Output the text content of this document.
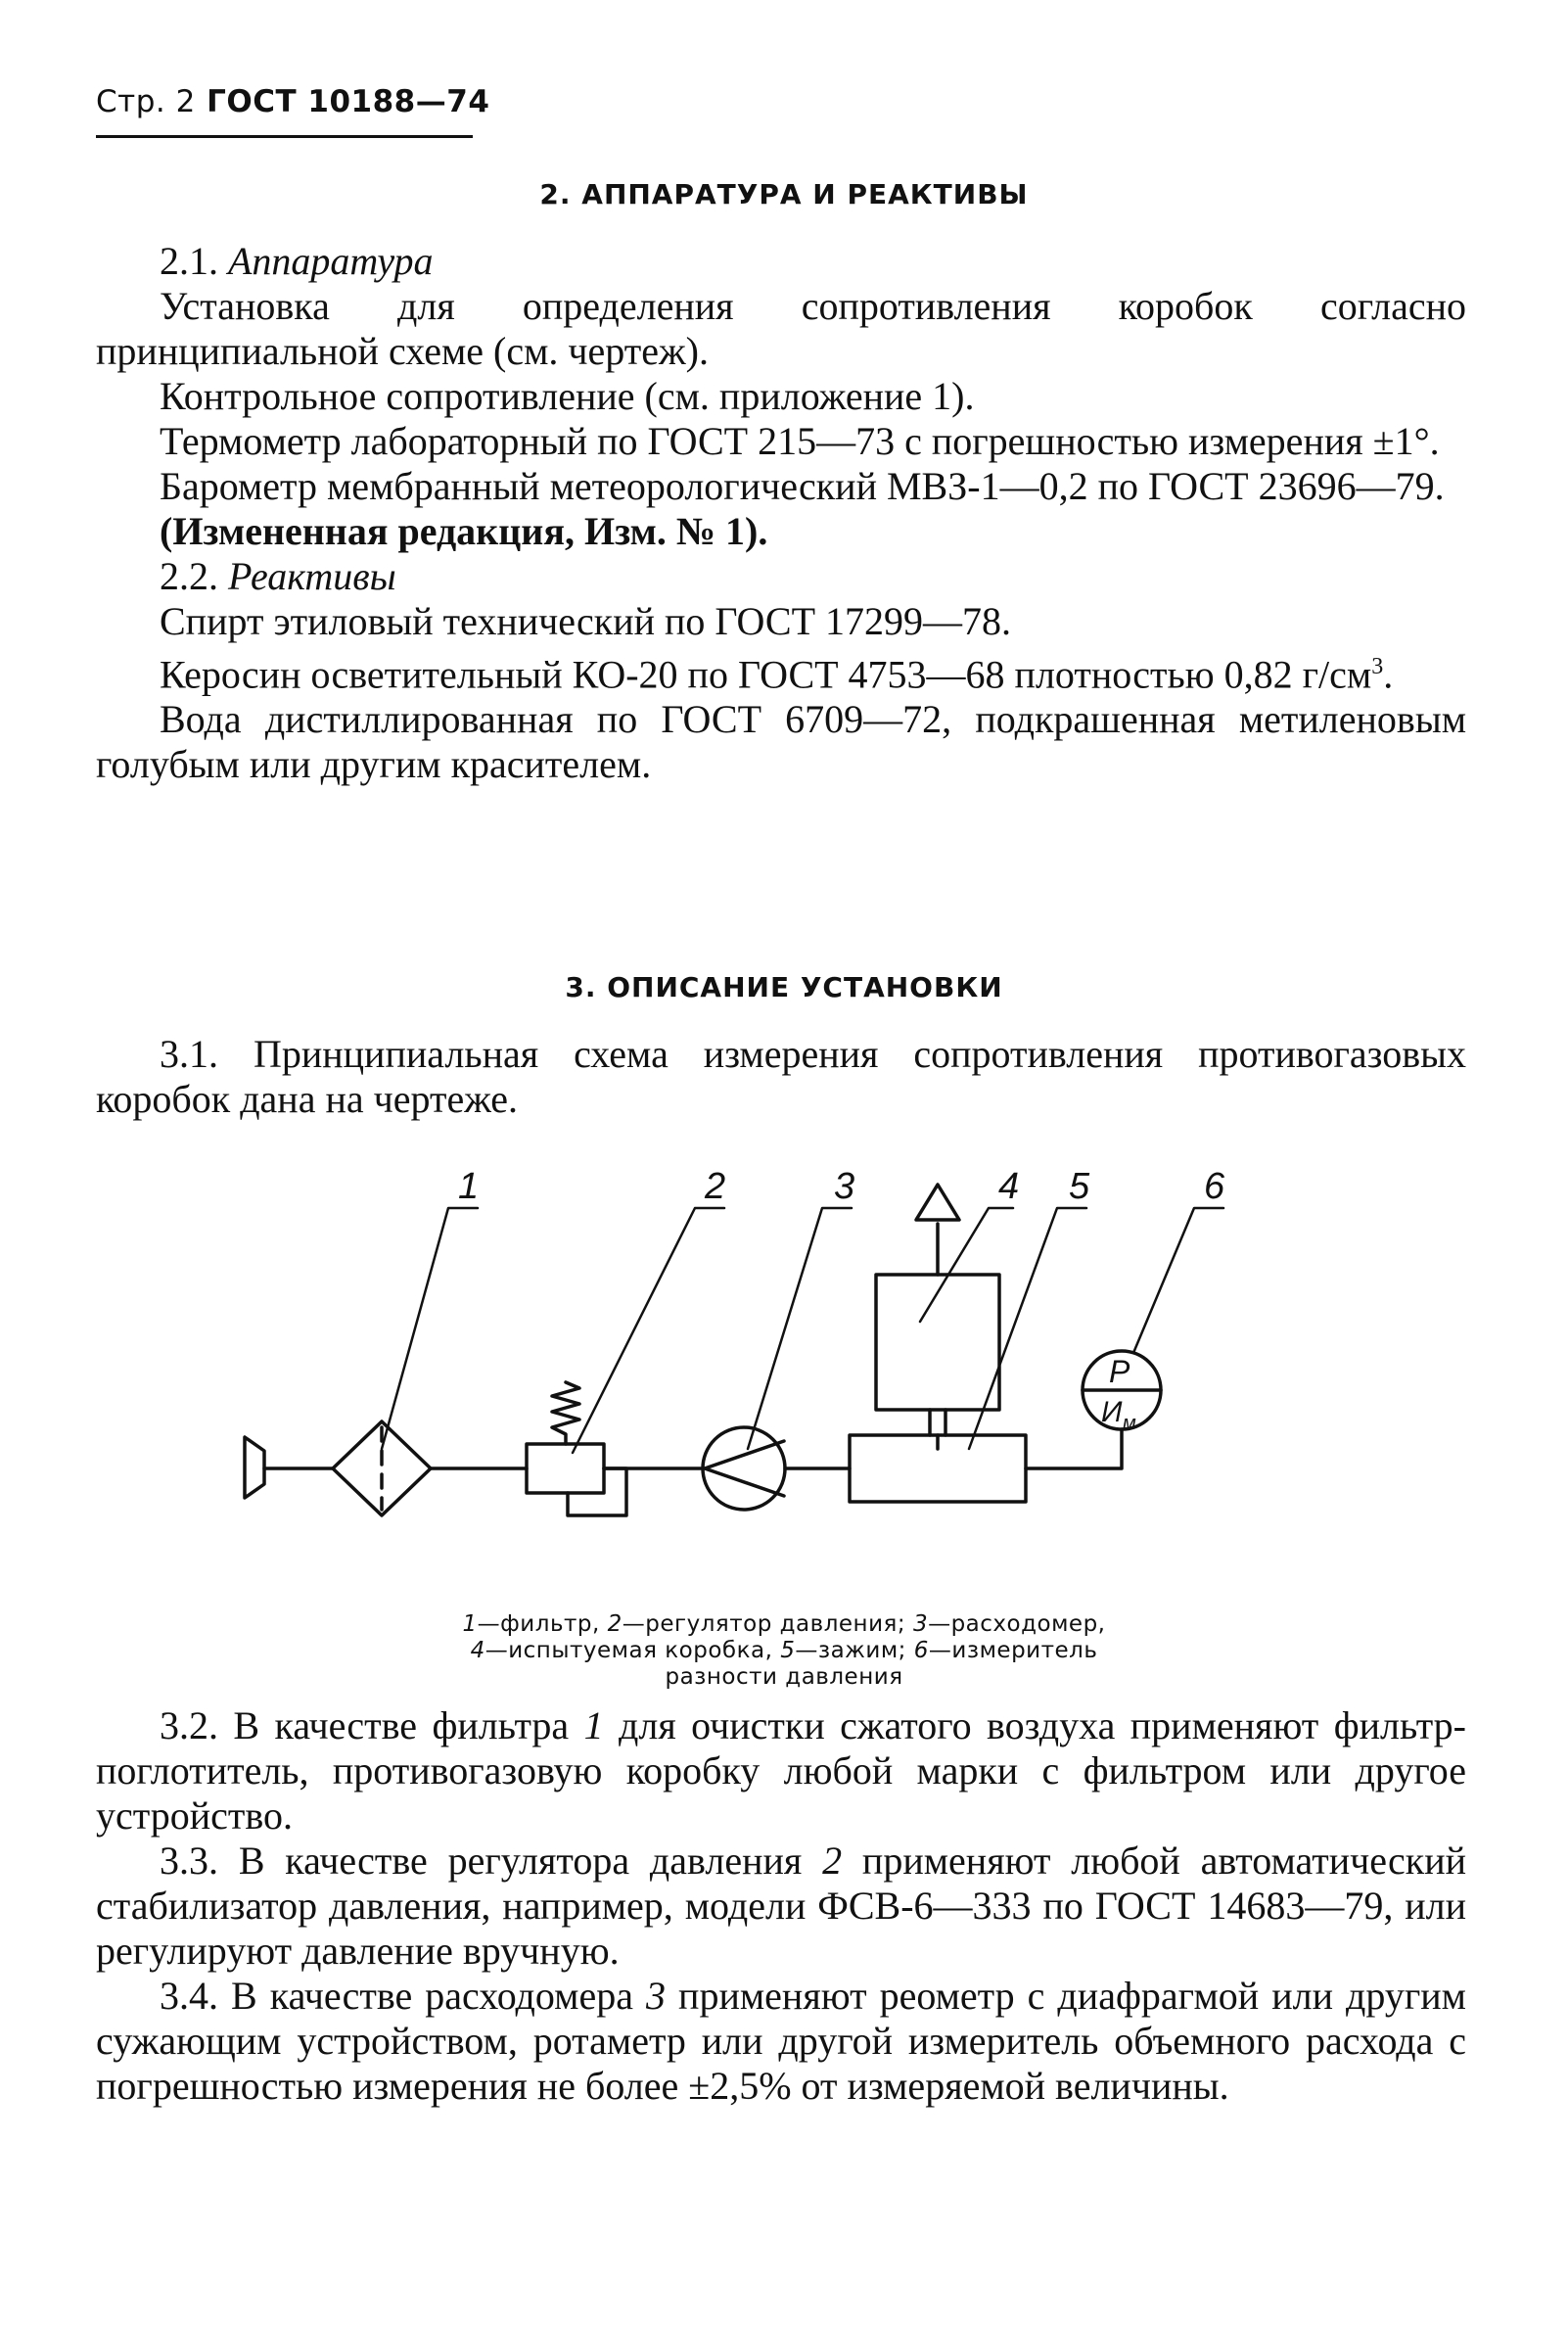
Стр. 2 ГОСТ 10188—74
2. АППАРАТУРА И РЕАКТИВЫ

2.1. Аппаратура

Установка для определения сопротивления коробок согласно принципиальной схеме (см. чертеж).

Контрольное сопротивление (см. приложение 1).

Термометр лабораторный по ГОСТ 215—73 с погрешностью измерения ±1°.

Барометр мембранный метеорологический МВЗ-1—0,2 по ГОСТ 23696—79.

(Измененная редакция, Изм. № 1).

2.2. Реактивы

Спирт этиловый технический по ГОСТ 17299—78.

Керосин осветительный КО-20 по ГОСТ 4753—68 плотностью 0,82 $г/см^3$.

Вода дистиллированная по ГОСТ 6709—72, подкрашенная метиленовым голубым или другим красителем.

3. ОПИСАНИЕ УСТАНОВКИ

3.1. Принципиальная схема измерения сопротивления противогазовых коробок дана на чертеже.

1	2	3	4 5	6
P
И м
1—фильтр, 2—регулятор давления; 3—расходомер,
4—испытуемая коробка, 5—зажим; 6—измеритель
разности давления

3.2. В качестве фильтра 1 для очистки сжатого воздуха применяют фильтр-поглотитель, противогазовую коробку любой марки с фильтром или другое устройство.

3.3. В качестве регулятора давления 2 применяют любой автоматический стабилизатор давления, например, модели ФСВ-6—333 по ГОСТ 14683—79, или регулируют давление вручную.

3.4. В качестве расходомера 3 применяют реометр с диафрагмой или другим сужающим устройством, ротаметр или другой измеритель объемного расхода с погрешностью измерения не более ±2,5% от измеряемой величины.
